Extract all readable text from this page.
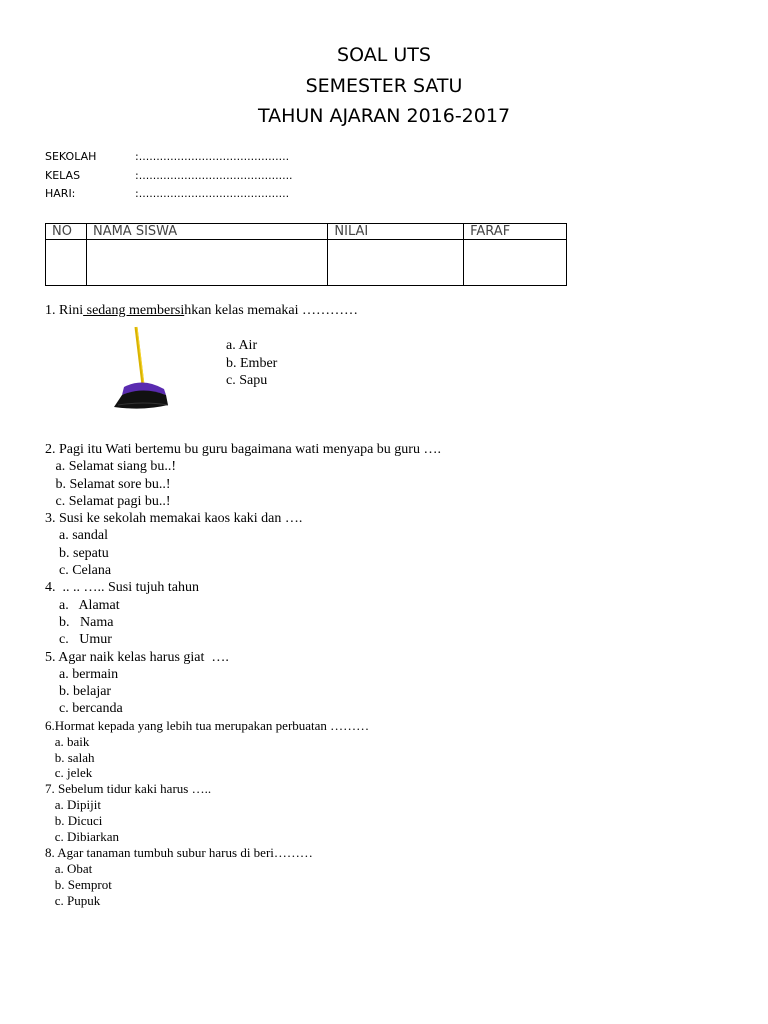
SOAL UTS
SEMESTER SATU
TAHUN AJARAN 2016-2017
SEKOLAH	:...........................................
KELAS	:............................................
HARI:	:...........................................
NO	NAMA SISWA	NILAI	FARAF

1. Rini sedang membersihkan kelas memakai …………
a. Air
b. Ember
c. Sapu
2. Pagi itu Wati bertemu bu guru bagaimana wati menyapa bu guru ….
a. Selamat siang bu..!
b. Selamat sore bu..!
c. Selamat pagi bu..!
3. Susi ke sekolah memakai kaos kaki dan ….
a. sandal
b. sepatu
c. Celana
4.  .. .. ….. Susi tujuh tahun
a.   Alamat
b.   Nama
c.   Umur
5. Agar naik kelas harus giat  ….
a. bermain
b. belajar
c. bercanda
6.Hormat kepada yang lebih tua merupakan perbuatan ………
a. baik
b. salah
c. jelek
7. Sebelum tidur kaki harus …..
a. Dipijit
b. Dicuci
c. Dibiarkan
8. Agar tanaman tumbuh subur harus di beri………
a. Obat
b. Semprot
c. Pupuk
